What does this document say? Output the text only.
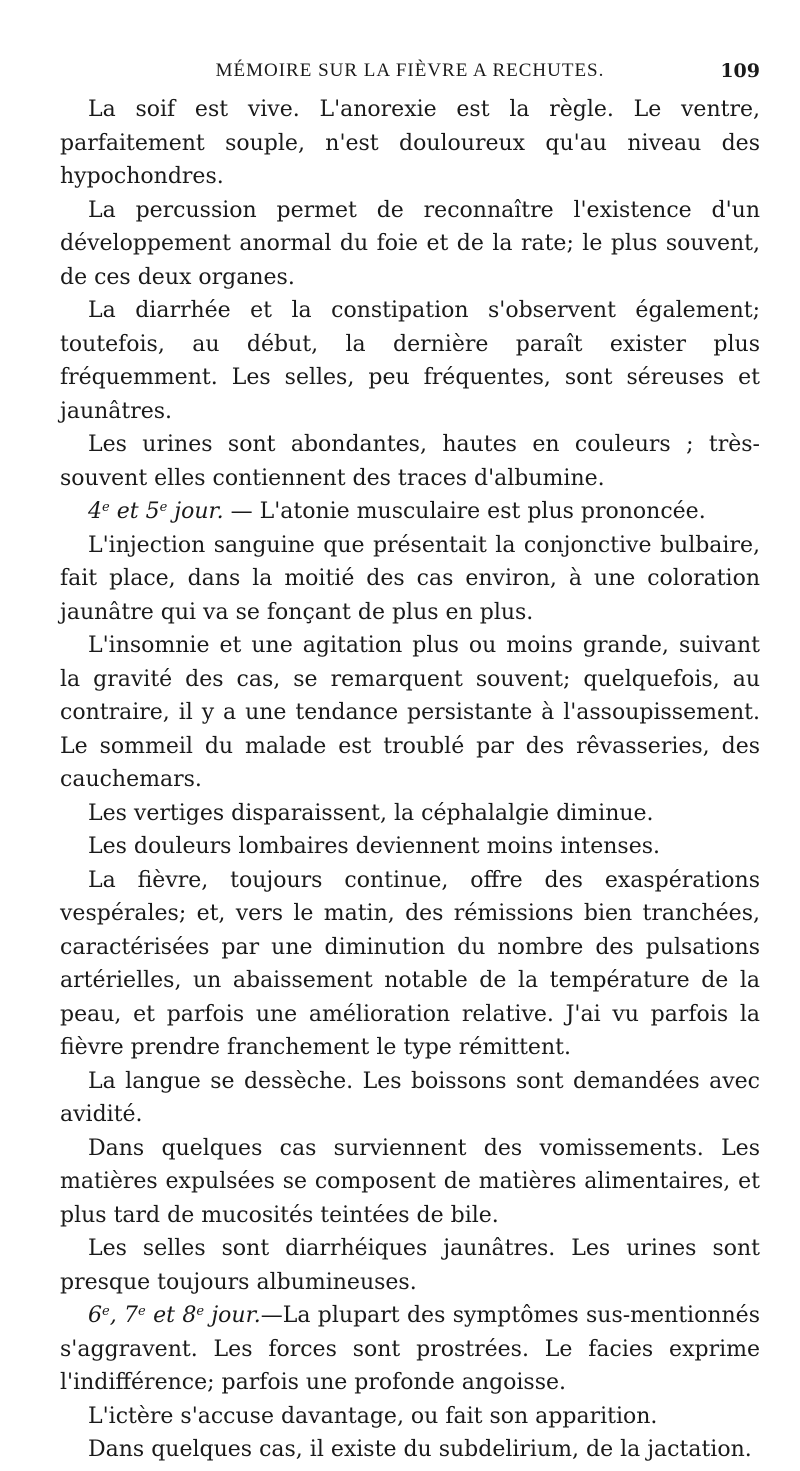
MÉMOIRE SUR LA FIÈVRE A RECHUTES.	109

La soif est vive. L'anorexie est la règle. Le ventre, parfaitement souple, n'est douloureux qu'au niveau des hypochondres.

La percussion permet de reconnaître l'existence d'un développement anormal du foie et de la rate; le plus souvent, de ces deux organes.

La diarrhée et la constipation s'observent également; toutefois, au début, la dernière paraît exister plus fréquemment. Les selles, peu fréquentes, sont séreuses et jaunâtres.

Les urines sont abondantes, hautes en couleurs ; très-souvent elles contiennent des traces d'albumine.

4e et 5e jour. — L'atonie musculaire est plus prononcée.

L'injection sanguine que présentait la conjonctive bulbaire, fait place, dans la moitié des cas environ, à une coloration jaunâtre qui va se fonçant de plus en plus.

L'insomnie et une agitation plus ou moins grande, suivant la gravité des cas, se remarquent souvent; quelquefois, au contraire, il y a une tendance persistante à l'assoupissement. Le sommeil du malade est troublé par des rêvasseries, des cauchemars.

Les vertiges disparaissent, la céphalalgie diminue.

Les douleurs lombaires deviennent moins intenses.

La fièvre, toujours continue, offre des exaspérations vespérales; et, vers le matin, des rémissions bien tranchées, caractérisées par une diminution du nombre des pulsations artérielles, un abaissement notable de la température de la peau, et parfois une amélioration relative. J'ai vu parfois la fièvre prendre franchement le type rémittent.

La langue se dessèche. Les boissons sont demandées avec avidité.

Dans quelques cas surviennent des vomissements. Les matières expulsées se composent de matières alimentaires, et plus tard de mucosités teintées de bile.

Les selles sont diarrhéiques jaunâtres. Les urines sont presque toujours albumineuses.

6e, 7e et 8e jour.—La plupart des symptômes sus-mentionnés s'aggravent. Les forces sont prostrées. Le facies exprime l'indifférence; parfois une profonde angoisse.

L'ictère s'accuse davantage, ou fait son apparition.

Dans quelques cas, il existe du subdelirium, de la jactation.
